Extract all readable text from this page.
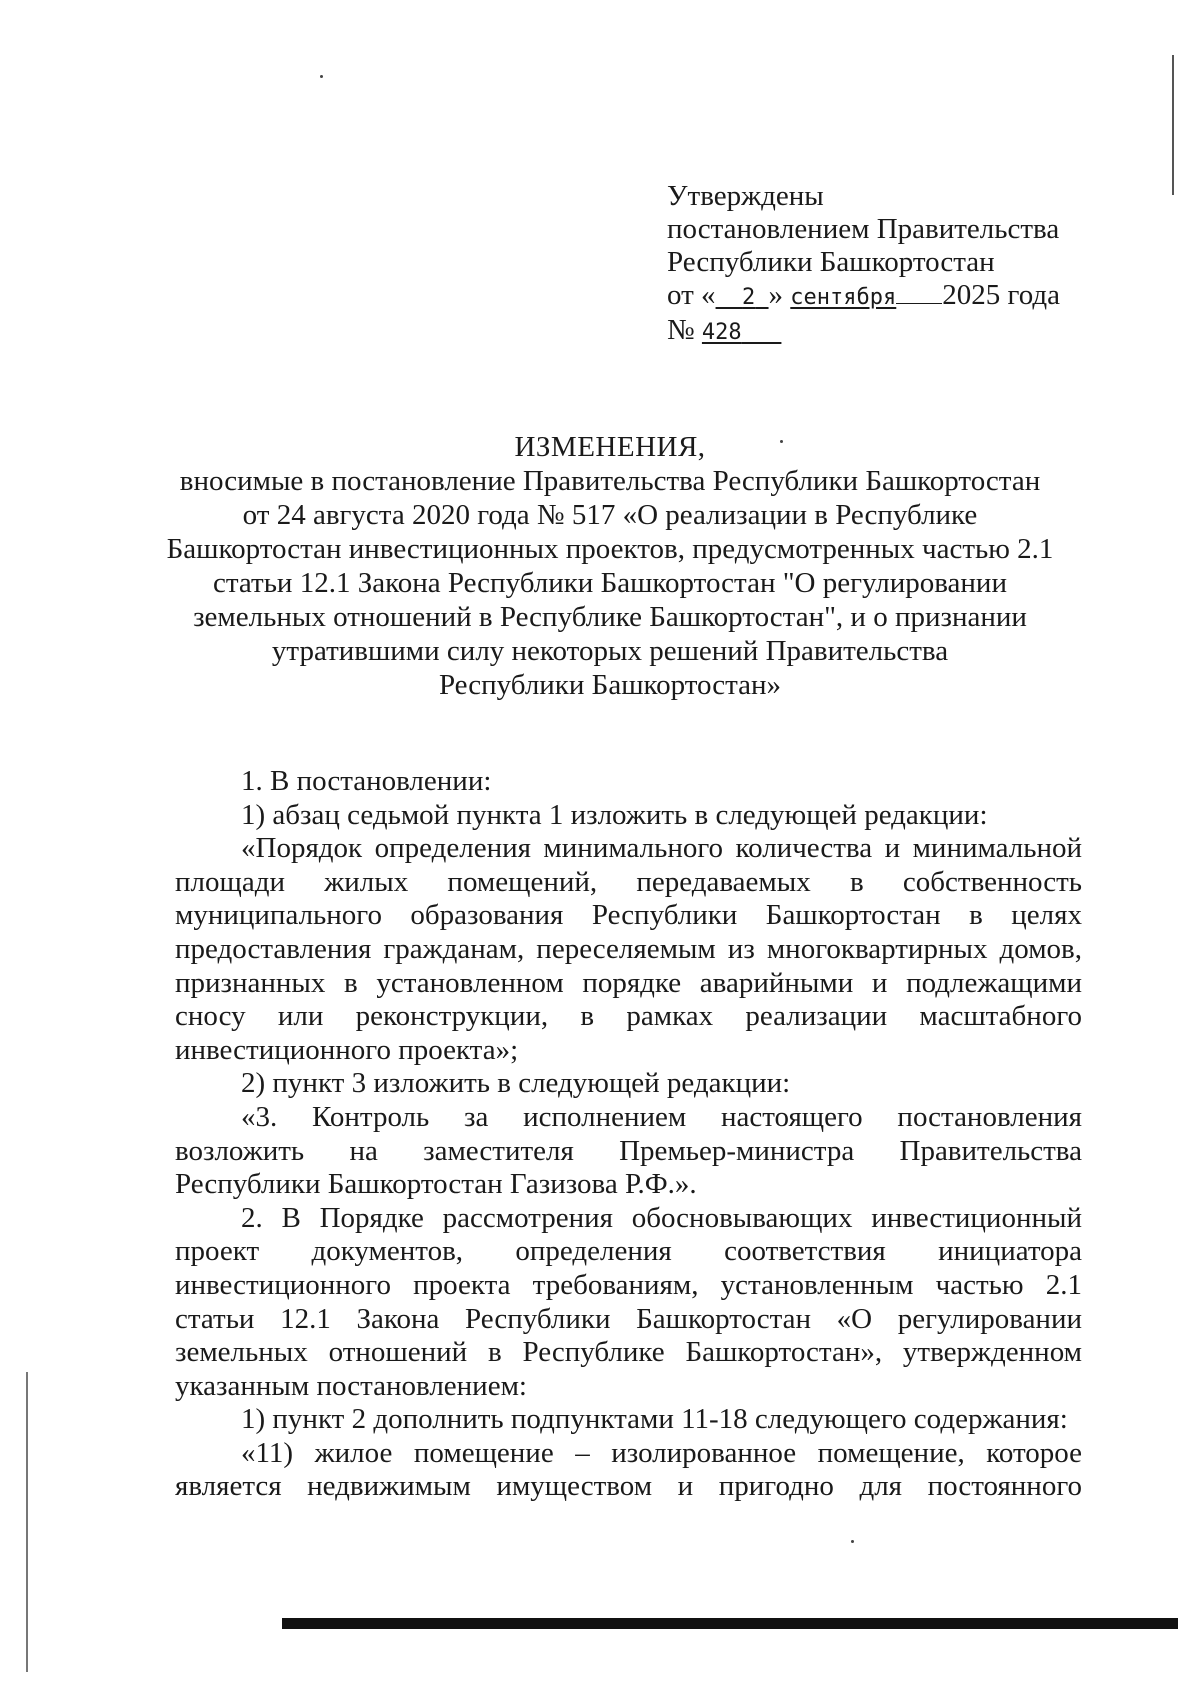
Утверждены
постановлением Правительства
Республики Башкортостан
от « 2 » сентября 2025 года
№ 428
ИЗМЕНЕНИЯ,
вносимые в постановление Правительства Республики Башкортостан
от 24 августа 2020 года № 517 «О реализации в Республике
Башкортостан инвестиционных проектов, предусмотренных частью 2.1
статьи 12.1 Закона Республики Башкортостан "О регулировании
земельных отношений в Республике Башкортостан", и о признании
утратившими силу некоторых решений Правительства
Республики Башкортостан»
1. В постановлении:
1) абзац седьмой пункта 1 изложить в следующей редакции:
«Порядок определения минимального количества и минимальной
площади жилых помещений, передаваемых в собственность
муниципального образования Республики Башкортостан в целях
предоставления гражданам, переселяемым из многоквартирных домов,
признанных в установленном порядке аварийными и подлежащими
сносу или реконструкции, в рамках реализации масштабного
инвестиционного проекта»;
2) пункт 3 изложить в следующей редакции:
«3. Контроль за исполнением настоящего постановления
возложить на заместителя Премьер-министра Правительства
Республики Башкортостан Газизова Р.Ф.».
2. В Порядке рассмотрения обосновывающих инвестиционный
проект документов, определения соответствия инициатора
инвестиционного проекта требованиям, установленным частью 2.1
статьи 12.1 Закона Республики Башкортостан «О регулировании
земельных отношений в Республике Башкортостан», утвержденном
указанным постановлением:
1) пункт 2 дополнить подпунктами 11-18 следующего содержания:
«11) жилое помещение – изолированное помещение, которое
является недвижимым имуществом и пригодно для постоянного
